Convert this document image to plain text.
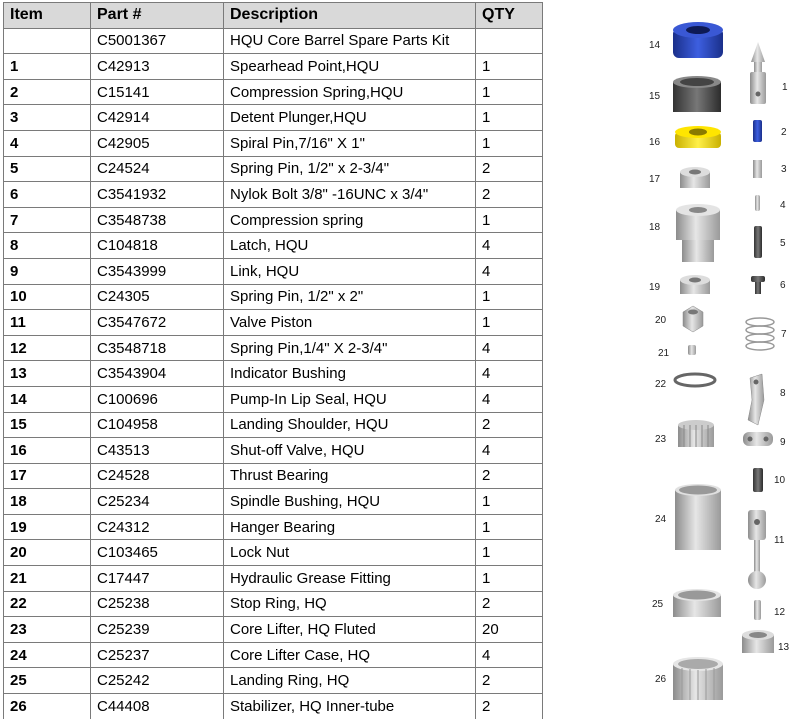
Item	Part #	Description	QTY
	C5001367	HQU Core Barrel Spare Parts Kit	
1	C42913	Spearhead Point,HQU	1
2	C15141	Compression Spring,HQU	1
3	C42914	Detent Plunger,HQU	1
4	C42905	Spiral Pin,7/16" X 1"	1
5	C24524	Spring Pin, 1/2" x 2-3/4"	2
6	C3541932	Nylok Bolt 3/8" -16UNC x 3/4"	2
7	C3548738	Compression spring	1
8	C104818	Latch, HQU	4
9	C3543999	Link, HQU	4
10	C24305	Spring Pin, 1/2" x 2"	1
11	C3547672	Valve Piston	1
12	C3548718	Spring Pin,1/4" X 2-3/4"	4
13	C3543904	Indicator Bushing	4
14	C100696	Pump-In Lip Seal, HQU	4
15	C104958	Landing Shoulder, HQU	2
16	C43513	Shut-off Valve, HQU	4
17	C24528	Thrust Bearing	2
18	C25234	Spindle Bushing, HQU	1
19	C24312	Hanger Bearing	1
20	C103465	Lock Nut	1
21	C17447	Hydraulic Grease Fitting	1
22	C25238	Stop Ring, HQ	2
23	C25239	Core Lifter, HQ Fluted	20
24	C25237	Core Lifter Case, HQ	4
25	C25242	Landing Ring, HQ	2
26	C44408	Stabilizer, HQ Inner-tube	2
14
15
16
17
18
19
20
21
22
23
24
25
26
1
2
3
4
5
6
7
8
9
10
11
12
13
